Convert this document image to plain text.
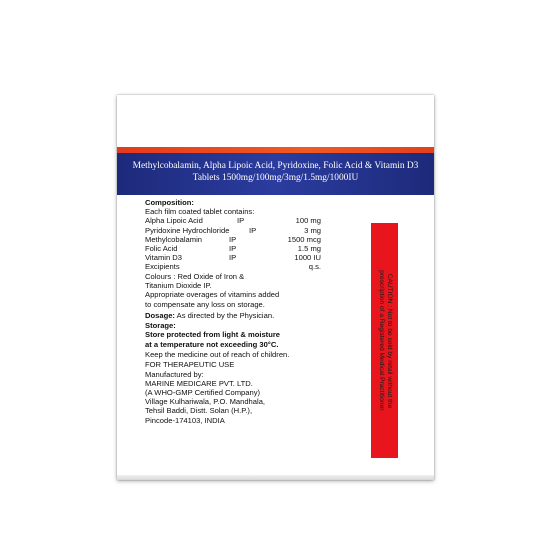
Methylcobalamin, Alpha Lipoic Acid, Pyridoxine, Folic Acid & Vitamin D3
Tablets 1500mg/100mg/3mg/1.5mg/1000IU
Composition:
Each film coated tablet contains:
Alpha Lipoic Acid	IP	100 mg
Pyridoxine Hydrochloride	IP	3 mg
Methylcobalamin	IP	1500 mcg
Folic Acid	IP	1.5 mg
Vitamin D3	IP	1000 IU
Excipients	q.s.
Colours : Red Oxide of Iron &
Titanium Dioxide IP.
Appropriate overages of vitamins added
to compensate any loss on storage.
Dosage: As directed by the Physician.
Storage:
Store protected from light & moisture
at a temperature not exceeding 30°C.
Keep the medicine out of reach of children.
FOR THERAPEUTIC USE
Manufactured by:
MARINE MEDICARE PVT. LTD.
(A WHO-GMP Certified Company)
Village Kulhariwala, P.O. Mandhala,
Tehsil Baddi, Distt. Solan (H.P.),
Pincode-174103, INDIA
CAUTION : Not to be sold by retail without the
prescription of a Registered Medical Practitioner.
